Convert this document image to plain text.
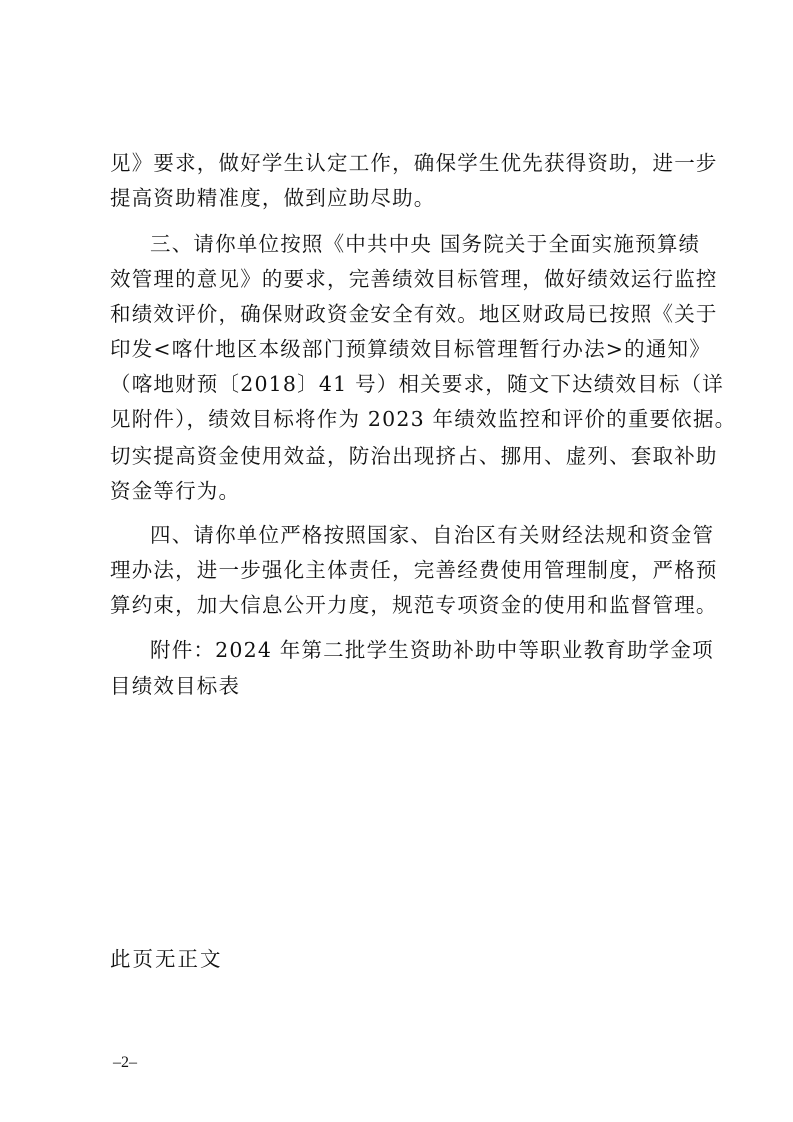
见》要求，做好学生认定工作，确保学生优先获得资助，进一步
提高资助精准度，做到应助尽助。
三、请你单位按照《中共中央 国务院关于全面实施预算绩
效管理的意见》的要求，完善绩效目标管理，做好绩效运行监控
和绩效评价，确保财政资金安全有效。地区财政局已按照《关于
印发<喀什地区本级部门预算绩效目标管理暂行办法>的通知》
（喀地财预〔2018〕41 号）相关要求，随文下达绩效目标（详
见附件），绩效目标将作为 2023 年绩效监控和评价的重要依据。
切实提高资金使用效益，防治出现挤占、挪用、虚列、套取补助
资金等行为。
四、请你单位严格按照国家、自治区有关财经法规和资金管
理办法，进一步强化主体责任，完善经费使用管理制度，严格预
算约束，加大信息公开力度，规范专项资金的使用和监督管理。
附件：2024 年第二批学生资助补助中等职业教育助学金项
目绩效目标表
此页无正文
–2–
